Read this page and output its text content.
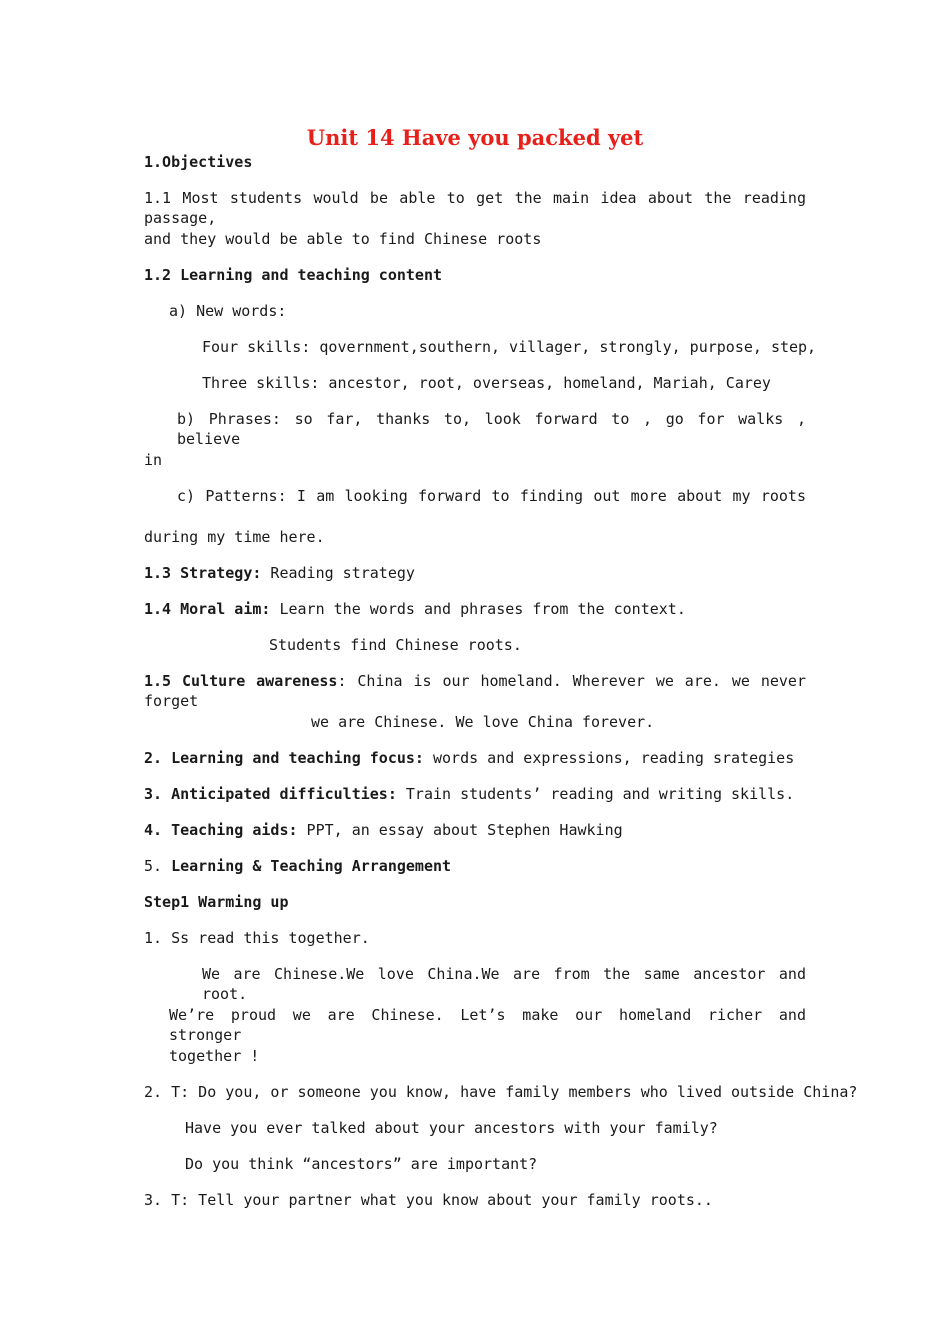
Unit 14 Have you packed yet
1.Objectives
1.1 Most students would be able to get the main idea about the reading passage,
and they would be able to find Chinese roots
1.2 Learning and teaching content
a) New words:
Four skills: qovernment,southern, villager, strongly, purpose, step,
Three skills: ancestor, root, overseas, homeland, Mariah, Carey
b) Phrases: so far, thanks to, look forward to , go for walks , believe
in
c) Patterns: I am looking forward to finding out more about my roots
during my time here.
1.3 Strategy: Reading strategy
1.4 Moral aim: Learn the words and phrases from the context.
Students find Chinese roots.
1.5 Culture awareness: China is our homeland. Wherever we are. we never forget
we are Chinese. We love China forever.
2. Learning and teaching focus: words and expressions, reading srategies
3. Anticipated difficulties: Train students’ reading and writing skills.
4. Teaching aids: PPT, an essay about Stephen Hawking
5. Learning & Teaching Arrangement
Step1 Warming up
1. Ss read this together.
We are Chinese.We love China.We are from the same ancestor and root.
We’re proud we are Chinese. Let’s make our homeland richer and stronger
together !
2. T: Do you, or someone you know, have family members who lived outside China?
Have you ever talked about your ancestors with your family?
Do you think “ancestors” are important?
3. T: Tell your partner what you know about your family roots..
